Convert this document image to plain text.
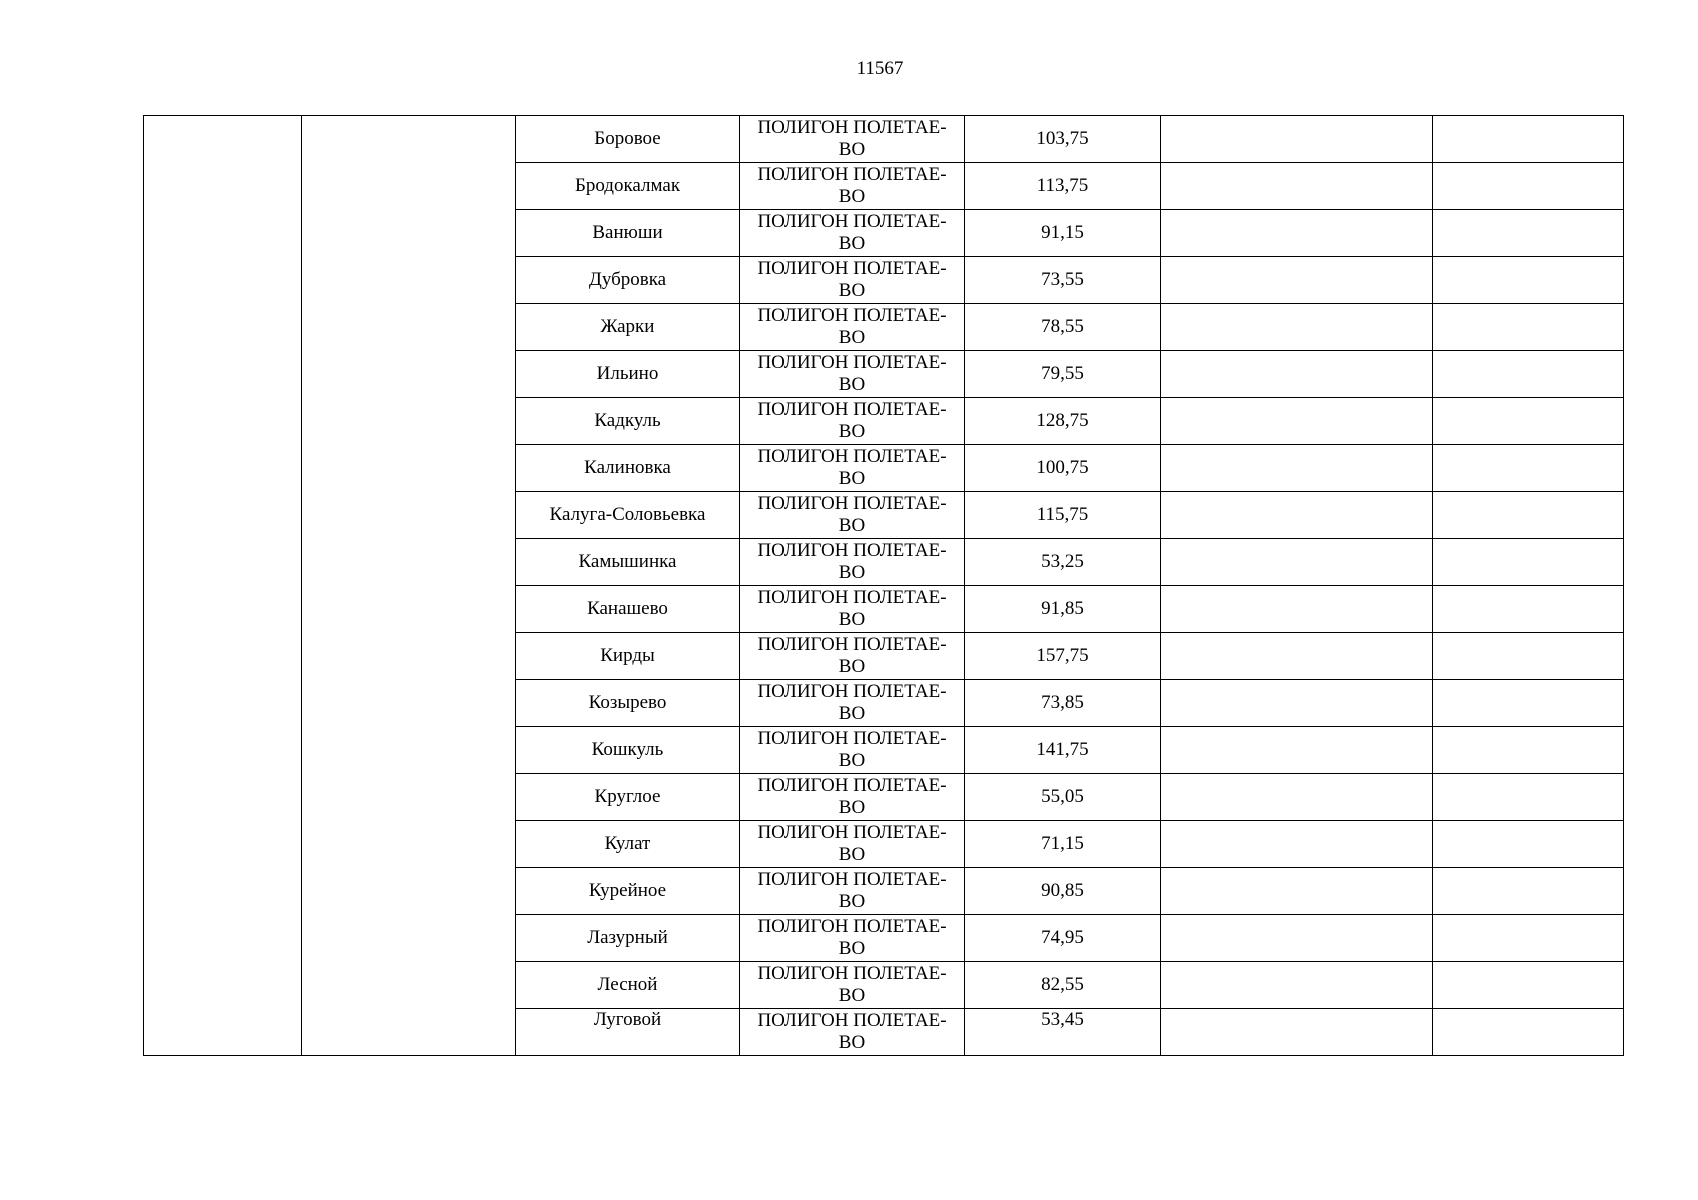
11567
		Боровое	ПОЛИГОН ПОЛЕТАЕ-
ВО	103,75		
		Бродокалмак	ПОЛИГОН ПОЛЕТАЕ-
ВО	113,75		
		Ванюши	ПОЛИГОН ПОЛЕТАЕ-
ВО	91,15		
		Дубровка	ПОЛИГОН ПОЛЕТАЕ-
ВО	73,55		
		Жарки	ПОЛИГОН ПОЛЕТАЕ-
ВО	78,55		
		Ильино	ПОЛИГОН ПОЛЕТАЕ-
ВО	79,55		
		Кадкуль	ПОЛИГОН ПОЛЕТАЕ-
ВО	128,75		
		Калиновка	ПОЛИГОН ПОЛЕТАЕ-
ВО	100,75		
		Калуга-Соловьевка	ПОЛИГОН ПОЛЕТАЕ-
ВО	115,75		
		Камышинка	ПОЛИГОН ПОЛЕТАЕ-
ВО	53,25		
		Канашево	ПОЛИГОН ПОЛЕТАЕ-
ВО	91,85		
		Кирды	ПОЛИГОН ПОЛЕТАЕ-
ВО	157,75		
		Козырево	ПОЛИГОН ПОЛЕТАЕ-
ВО	73,85		
		Кошкуль	ПОЛИГОН ПОЛЕТАЕ-
ВО	141,75		
		Круглое	ПОЛИГОН ПОЛЕТАЕ-
ВО	55,05		
		Кулат	ПОЛИГОН ПОЛЕТАЕ-
ВО	71,15		
		Курейное	ПОЛИГОН ПОЛЕТАЕ-
ВО	90,85		
		Лазурный	ПОЛИГОН ПОЛЕТАЕ-
ВО	74,95		
		Лесной	ПОЛИГОН ПОЛЕТАЕ-
ВО	82,55		
		Луговой	ПОЛИГОН ПОЛЕТАЕ-
ВО	53,45		
